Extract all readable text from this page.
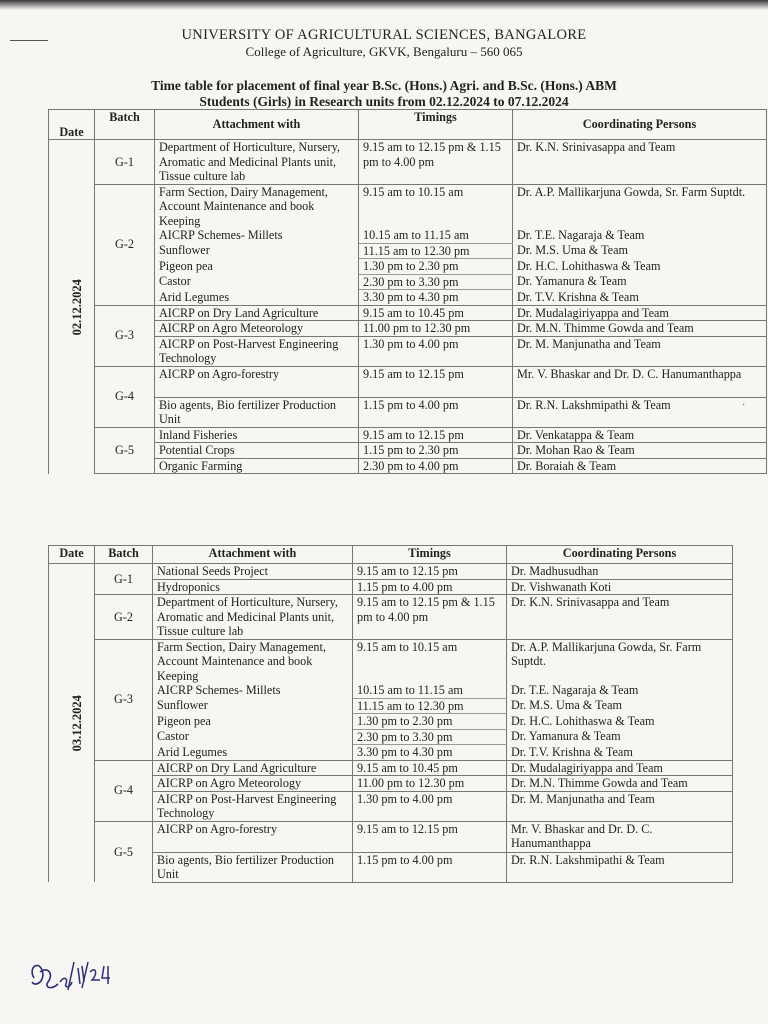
·
UNIVERSITY OF AGRICULTURAL SCIENCES, BANGALORE
College of Agriculture, GKVK, Bengaluru – 560 065
Time table for placement of final year B.Sc. (Hons.) Agri. and B.Sc. (Hons.) ABM
Students (Girls) in Research units from 02.12.2024 to 07.12.2024
Date	Batch	Attachment with	Timings	Coordinating Persons
02.12.2024	G-1	Department of Horticulture, Nursery, Aromatic and Medicinal Plants unit, Tissue culture lab	9.15 am to 12.15 pm & 1.15 pm to 4.00 pm	Dr. K.N. Srinivasappa and Team
	G-2	Farm Section, Dairy Management, Account Maintenance and book Keeping	9.15 am to 10.15 am	Dr. A.P. Mallikarjuna Gowda, Sr. Farm Suptdt.
		AICRP Schemes- Millets	10.15 am to 11.15 am	Dr. T.E. Nagaraja & Team
		Sunflower	11.15 am to 12.30 pm	Dr. M.S. Uma & Team
		Pigeon pea	1.30 pm to 2.30 pm	Dr. H.C. Lohithaswa & Team
		Castor	2.30 pm to 3.30 pm	Dr. Yamanura & Team
		Arid Legumes	3.30 pm to 4.30 pm	Dr. T.V. Krishna & Team
	G-3	AICRP on Dry Land Agriculture	9.15 am to 10.45 pm	Dr. Mudalagiriyappa and Team
		AICRP on Agro Meteorology	11.00 pm to 12.30 pm	Dr. M.N. Thimme Gowda and Team
		AICRP on Post-Harvest Engineering Technology	1.30 pm to 4.00 pm	Dr. M. Manjunatha and Team
	G-4	AICRP on Agro-forestry	9.15 am to 12.15 pm	Mr. V. Bhaskar and Dr. D. C. Hanumanthappa
		Bio agents, Bio fertilizer Production Unit	1.15 pm to 4.00 pm	Dr. R.N. Lakshmipathi & Team
	G-5	Inland Fisheries	9.15 am to 12.15 pm	Dr. Venkatappa & Team
		Potential Crops	1.15 pm to 2.30 pm	Dr. Mohan Rao & Team
		Organic Farming	2.30 pm to 4.00 pm	Dr. Boraiah & Team
Date	Batch	Attachment with	Timings	Coordinating Persons
03.12.2024	G-1	National Seeds Project	9.15 am to 12.15 pm	Dr. Madhusudhan
		Hydroponics	1.15 pm to 4.00 pm	Dr. Vishwanath Koti
	G-2	Department of Horticulture, Nursery, Aromatic and Medicinal Plants unit, Tissue culture lab	9.15 am to 12.15 pm & 1.15 pm to 4.00 pm	Dr. K.N. Srinivasappa and Team
	G-3	Farm Section, Dairy Management, Account Maintenance and book Keeping	9.15 am to 10.15 am	Dr. A.P. Mallikarjuna Gowda, Sr. Farm Suptdt.
		AICRP Schemes- Millets	10.15 am to 11.15 am	Dr. T.E. Nagaraja & Team
		Sunflower	11.15 am to 12.30 pm	Dr. M.S. Uma & Team
		Pigeon pea	1.30 pm to 2.30 pm	Dr. H.C. Lohithaswa & Team
		Castor	2.30 pm to 3.30 pm	Dr. Yamanura & Team
		Arid Legumes	3.30 pm to 4.30 pm	Dr. T.V. Krishna & Team
	G-4	AICRP on Dry Land Agriculture	9.15 am to 10.45 pm	Dr. Mudalagiriyappa and Team
		AICRP on Agro Meteorology	11.00 pm to 12.30 pm	Dr. M.N. Thimme Gowda and Team
		AICRP on Post-Harvest Engineering Technology	1.30 pm to 4.00 pm	Dr. M. Manjunatha and Team
	G-5	AICRP on Agro-forestry	9.15 am to 12.15 pm	Mr. V. Bhaskar and Dr. D. C. Hanumanthappa
		Bio agents, Bio fertilizer Production Unit	1.15 pm to 4.00 pm	Dr. R.N. Lakshmipathi & Team
